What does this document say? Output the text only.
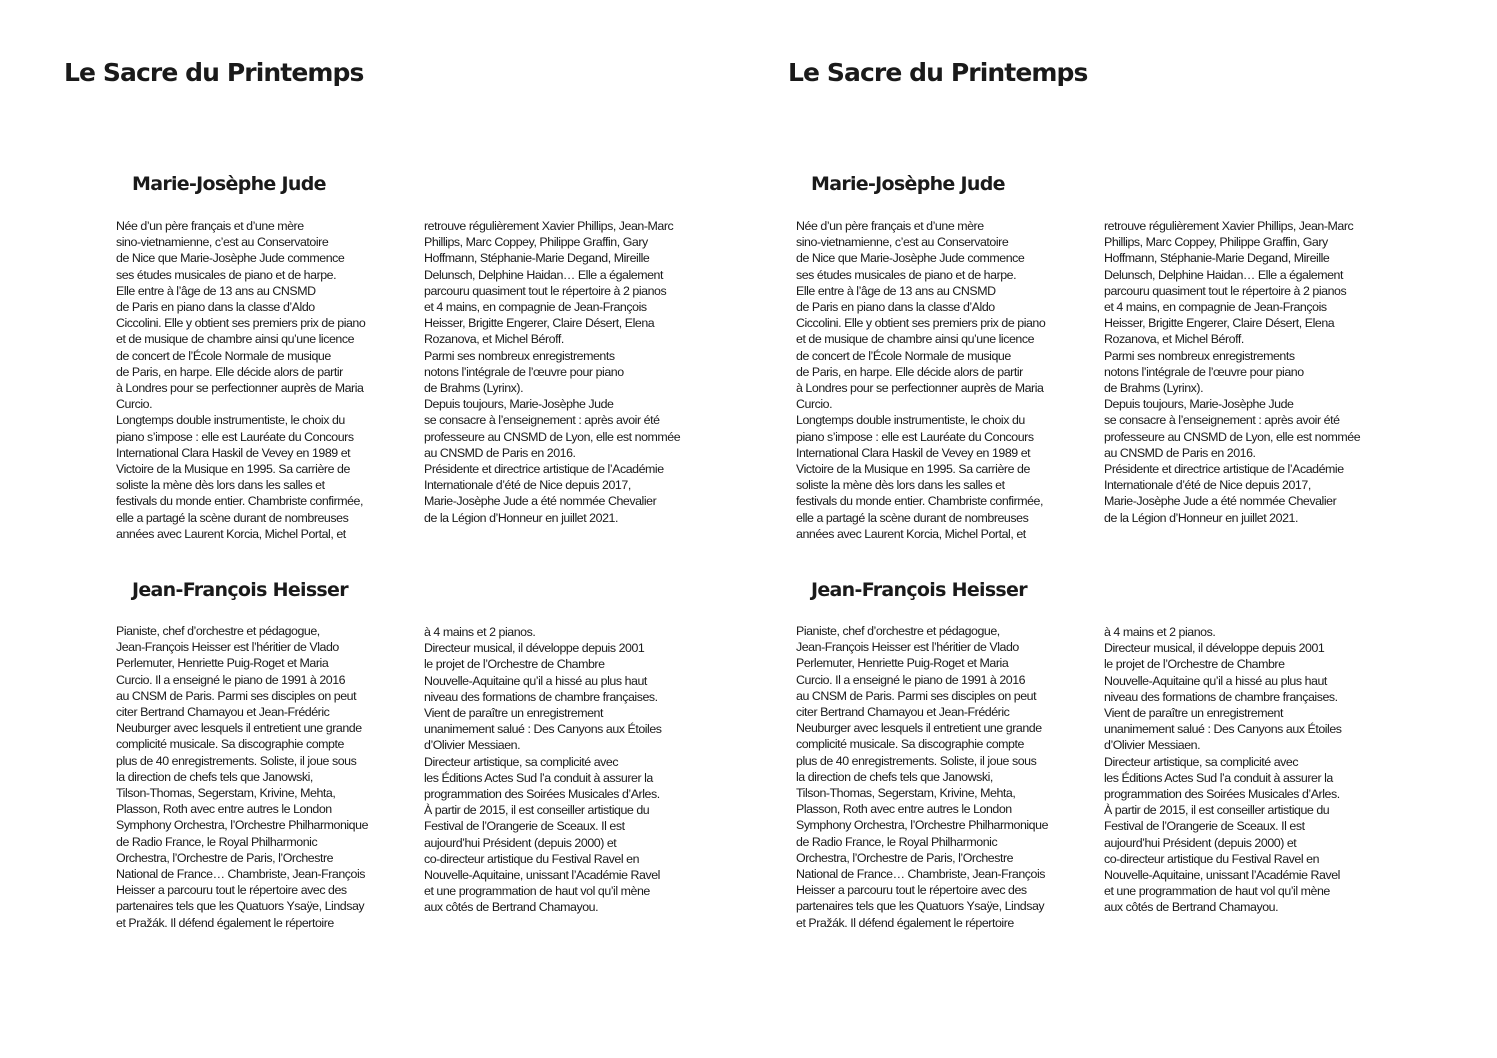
Le Sacre du Printemps
Marie-Josèphe Jude
Née d’un père français et d’une mère
sino-vietnamienne, c’est au Conservatoire
de Nice que Marie-Josèphe Jude commence
ses études musicales de piano et de harpe.
Elle entre à l’âge de 13 ans au CNSMD
de Paris en piano dans la classe d’Aldo
Ciccolini. Elle y obtient ses premiers prix de piano
et de musique de chambre ainsi qu’une licence
de concert de l’École Normale de musique
de Paris, en harpe. Elle décide alors de partir
à Londres pour se perfectionner auprès de Maria
Curcio.
Longtemps double instrumentiste, le choix du
piano s’impose : elle est Lauréate du Concours
International Clara Haskil de Vevey en 1989 et
Victoire de la Musique en 1995. Sa carrière de
soliste la mène dès lors dans les salles et
festivals du monde entier. Chambriste confirmée,
elle a partagé la scène durant de nombreuses
années avec Laurent Korcia, Michel Portal, et
retrouve régulièrement Xavier Phillips, Jean-Marc
Phillips, Marc Coppey, Philippe Graffin, Gary
Hoffmann, Stéphanie-Marie Degand, Mireille
Delunsch, Delphine Haidan… Elle a également
parcouru quasiment tout le répertoire à 2 pianos
et 4 mains, en compagnie de Jean-François
Heisser, Brigitte Engerer, Claire Désert, Elena
Rozanova, et Michel Béroff.
Parmi ses nombreux enregistrements
notons l’intégrale de l’œuvre pour piano
de Brahms (Lyrinx).
Depuis toujours, Marie-Josèphe Jude
se consacre à l’enseignement : après avoir été
professeure au CNSMD de Lyon, elle est nommée
au CNSMD de Paris en 2016.
Présidente et directrice artistique de l’Académie
Internationale d’été de Nice depuis 2017,
Marie-Josèphe Jude a été nommée Chevalier
de la Légion d’Honneur en juillet 2021.
Jean-François Heisser
Pianiste, chef d’orchestre et pédagogue,
Jean-François Heisser est l’héritier de Vlado
Perlemuter, Henriette Puig-Roget et Maria
Curcio. Il a enseigné le piano de 1991 à 2016
au CNSM de Paris. Parmi ses disciples on peut
citer Bertrand Chamayou et Jean-Frédéric
Neuburger avec lesquels il entretient une grande
complicité musicale. Sa discographie compte
plus de 40 enregistrements. Soliste, il joue sous
la direction de chefs tels que Janowski,
Tilson-Thomas, Segerstam, Krivine, Mehta,
Plasson, Roth avec entre autres le London
Symphony Orchestra, l’Orchestre Philharmonique
de Radio France, le Royal Philharmonic
Orchestra, l’Orchestre de Paris, l’Orchestre
National de France… Chambriste, Jean-François
Heisser a parcouru tout le répertoire avec des
partenaires tels que les Quatuors Ysaÿe, Lindsay
et Pražák. Il défend également le répertoire
à 4 mains et 2 pianos.
Directeur musical, il développe depuis 2001
le projet de l’Orchestre de Chambre
Nouvelle-Aquitaine qu’il a hissé au plus haut
niveau des formations de chambre françaises.
Vient de paraître un enregistrement
unanimement salué : Des Canyons aux Étoiles
d’Olivier Messiaen.
Directeur artistique, sa complicité avec
les Éditions Actes Sud l’a conduit à assurer la
programmation des Soirées Musicales d’Arles.
À partir de 2015, il est conseiller artistique du
Festival de l’Orangerie de Sceaux. Il est
aujourd’hui Président (depuis 2000) et
co-directeur artistique du Festival Ravel en
Nouvelle-Aquitaine, unissant l’Académie Ravel
et une programmation de haut vol qu’il mène
aux côtés de Bertrand Chamayou.
Le Sacre du Printemps
Marie-Josèphe Jude
Née d’un père français et d’une mère
sino-vietnamienne, c’est au Conservatoire
de Nice que Marie-Josèphe Jude commence
ses études musicales de piano et de harpe.
Elle entre à l’âge de 13 ans au CNSMD
de Paris en piano dans la classe d’Aldo
Ciccolini. Elle y obtient ses premiers prix de piano
et de musique de chambre ainsi qu’une licence
de concert de l’École Normale de musique
de Paris, en harpe. Elle décide alors de partir
à Londres pour se perfectionner auprès de Maria
Curcio.
Longtemps double instrumentiste, le choix du
piano s’impose : elle est Lauréate du Concours
International Clara Haskil de Vevey en 1989 et
Victoire de la Musique en 1995. Sa carrière de
soliste la mène dès lors dans les salles et
festivals du monde entier. Chambriste confirmée,
elle a partagé la scène durant de nombreuses
années avec Laurent Korcia, Michel Portal, et
retrouve régulièrement Xavier Phillips, Jean-Marc
Phillips, Marc Coppey, Philippe Graffin, Gary
Hoffmann, Stéphanie-Marie Degand, Mireille
Delunsch, Delphine Haidan… Elle a également
parcouru quasiment tout le répertoire à 2 pianos
et 4 mains, en compagnie de Jean-François
Heisser, Brigitte Engerer, Claire Désert, Elena
Rozanova, et Michel Béroff.
Parmi ses nombreux enregistrements
notons l’intégrale de l’œuvre pour piano
de Brahms (Lyrinx).
Depuis toujours, Marie-Josèphe Jude
se consacre à l’enseignement : après avoir été
professeure au CNSMD de Lyon, elle est nommée
au CNSMD de Paris en 2016.
Présidente et directrice artistique de l’Académie
Internationale d’été de Nice depuis 2017,
Marie-Josèphe Jude a été nommée Chevalier
de la Légion d’Honneur en juillet 2021.
Jean-François Heisser
Pianiste, chef d’orchestre et pédagogue,
Jean-François Heisser est l’héritier de Vlado
Perlemuter, Henriette Puig-Roget et Maria
Curcio. Il a enseigné le piano de 1991 à 2016
au CNSM de Paris. Parmi ses disciples on peut
citer Bertrand Chamayou et Jean-Frédéric
Neuburger avec lesquels il entretient une grande
complicité musicale. Sa discographie compte
plus de 40 enregistrements. Soliste, il joue sous
la direction de chefs tels que Janowski,
Tilson-Thomas, Segerstam, Krivine, Mehta,
Plasson, Roth avec entre autres le London
Symphony Orchestra, l’Orchestre Philharmonique
de Radio France, le Royal Philharmonic
Orchestra, l’Orchestre de Paris, l’Orchestre
National de France… Chambriste, Jean-François
Heisser a parcouru tout le répertoire avec des
partenaires tels que les Quatuors Ysaÿe, Lindsay
et Pražák. Il défend également le répertoire
à 4 mains et 2 pianos.
Directeur musical, il développe depuis 2001
le projet de l’Orchestre de Chambre
Nouvelle-Aquitaine qu’il a hissé au plus haut
niveau des formations de chambre françaises.
Vient de paraître un enregistrement
unanimement salué : Des Canyons aux Étoiles
d’Olivier Messiaen.
Directeur artistique, sa complicité avec
les Éditions Actes Sud l’a conduit à assurer la
programmation des Soirées Musicales d’Arles.
À partir de 2015, il est conseiller artistique du
Festival de l’Orangerie de Sceaux. Il est
aujourd’hui Président (depuis 2000) et
co-directeur artistique du Festival Ravel en
Nouvelle-Aquitaine, unissant l’Académie Ravel
et une programmation de haut vol qu’il mène
aux côtés de Bertrand Chamayou.
